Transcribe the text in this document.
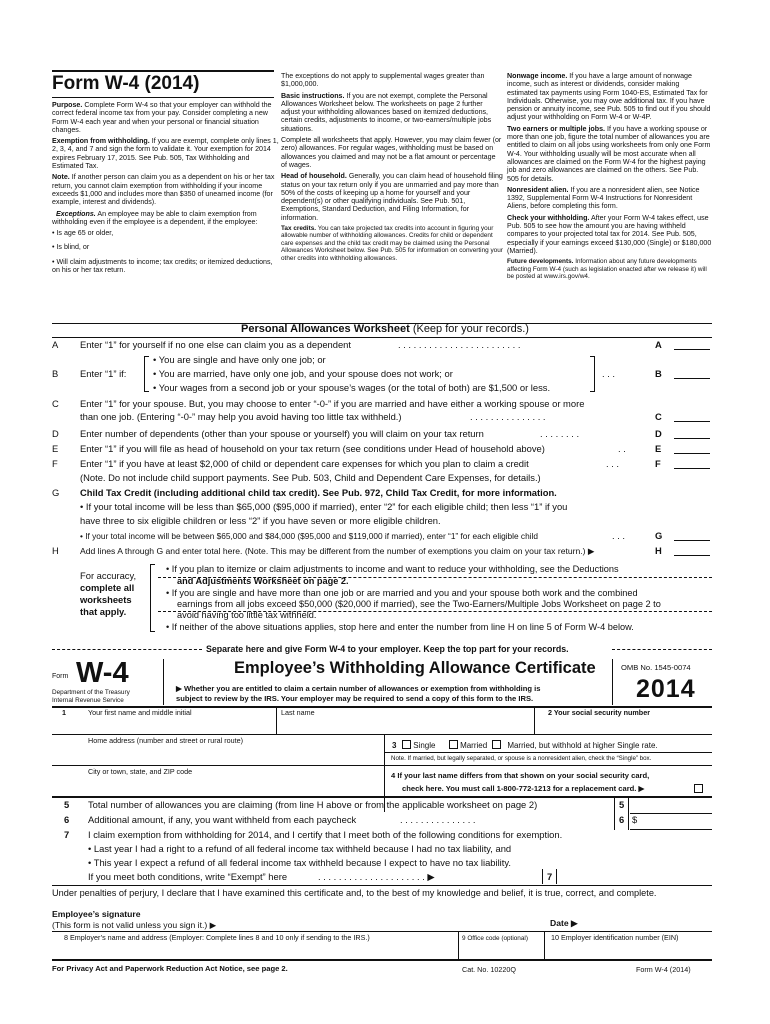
Form W-4 (2014)

Purpose. Complete Form W-4 so that your employer can withhold the correct federal income tax from your pay. Consider completing a new Form W-4 each year and when your personal or financial situation changes.

Exemption from withholding. If you are exempt, complete only lines 1, 2, 3, 4, and 7 and sign the form to validate it. Your exemption for 2014 expires February 17, 2015. See Pub. 505, Tax Withholding and Estimated Tax.

Note. If another person can claim you as a dependent on his or her tax return, you cannot claim exemption from withholding if your income exceeds $1,000 and includes more than $350 of unearned income (for example, interest and dividends).

Exceptions. An employee may be able to claim exemption from withholding even if the employee is a dependent, if the employee:

• Is age 65 or older,

• Is blind, or

• Will claim adjustments to income; tax credits; or itemized deductions, on his or her tax return.

The exceptions do not apply to supplemental wages greater than $1,000,000.

Basic instructions. If you are not exempt, complete the Personal Allowances Worksheet below. The worksheets on page 2 further adjust your withholding allowances based on itemized deductions, certain credits, adjustments to income, or two-earners/multiple jobs situations.

Complete all worksheets that apply. However, you may claim fewer (or zero) allowances. For regular wages, withholding must be based on allowances you claimed and may not be a flat amount or percentage of wages.

Head of household. Generally, you can claim head of household filing status on your tax return only if you are unmarried and pay more than 50% of the costs of keeping up a home for yourself and your dependent(s) or other qualifying individuals. See Pub. 501, Exemptions, Standard Deduction, and Filing Information, for information.

Tax credits. You can take projected tax credits into account in figuring your allowable number of withholding allowances. Credits for child or dependent care expenses and the child tax credit may be claimed using the Personal Allowances Worksheet below. See Pub. 505 for information on converting your other credits into withholding allowances.

Nonwage income. If you have a large amount of nonwage income, such as interest or dividends, consider making estimated tax payments using Form 1040-ES, Estimated Tax for Individuals. Otherwise, you may owe additional tax. If you have pension or annuity income, see Pub. 505 to find out if you should adjust your withholding on Form W-4 or W-4P.

Two earners or multiple jobs. If you have a working spouse or more than one job, figure the total number of allowances you are entitled to claim on all jobs using worksheets from only one Form W-4. Your withholding usually will be most accurate when all allowances are claimed on the Form W-4 for the highest paying job and zero allowances are claimed on the others. See Pub. 505 for details.

Nonresident alien. If you are a nonresident alien, see Notice 1392, Supplemental Form W-4 Instructions for Nonresident Aliens, before completing this form.

Check your withholding. After your Form W-4 takes effect, use Pub. 505 to see how the amount you are having withheld compares to your projected total tax for 2014. See Pub. 505, especially if your earnings exceed $130,000 (Single) or $180,000 (Married).

Future developments. Information about any future developments affecting Form W-4 (such as legislation enacted after we release it) will be posted at www.irs.gov/w4.

Personal Allowances Worksheet (Keep for your records.)
A Enter “1” for yourself if no one else can claim you as a dependent	. . . . . . . . . . . . . . . . . . . . . . . .	A
B Enter “1” if:
• You are single and have only one job; or
• You are married, have only one job, and your spouse does not work; or
• Your wages from a second job or your spouse’s wages (or the total of both) are $1,500 or less.
. . .	B
C Enter “1” for your spouse. But, you may choose to enter “-0-” if you are married and have either a working spouse or more
than one job. (Entering “-0-” may help you avoid having too little tax withheld.)	. . . . . . . . . . . . . . .	C
D Enter number of dependents (other than your spouse or yourself) you will claim on your tax return	. . . . . . . .	D
E Enter “1” if you will file as head of household on your tax return (see conditions under Head of household above)	. .	E
F Enter “1” if you have at least $2,000 of child or dependent care expenses for which you plan to claim a credit	. . .	F
(Note. Do not include child support payments. See Pub. 503, Child and Dependent Care Expenses, for details.)
G Child Tax Credit (including additional child tax credit). See Pub. 972, Child Tax Credit, for more information.
• If your total income will be less than $65,000 ($95,000 if married), enter “2” for each eligible child; then less “1” if you
have three to six eligible children or less “2” if you have seven or more eligible children.
• If your total income will be between $65,000 and $84,000 ($95,000 and $119,000 if married), enter “1” for each eligible child	. . .	G
H Add lines A through G and enter total here. (Note. This may be different from the number of exemptions you claim on your tax return.) ▶	H
For accuracy,
complete all
worksheets
that apply.
• If you plan to itemize or claim adjustments to income and want to reduce your withholding, see the Deductions
and Adjustments Worksheet on page 2.
• If you are single and have more than one job or are married and you and your spouse both work and the combined
earnings from all jobs exceed $50,000 ($20,000 if married), see the Two-Earners/Multiple Jobs Worksheet on page 2 to
avoid having too little tax withheld.
• If neither of the above situations applies, stop here and enter the number from line H on line 5 of Form W-4 below.
Separate here and give Form W-4 to your employer. Keep the top part for your records.
Form W-4
Department of the Treasury
Internal Revenue Service
Employee’s Withholding Allowance Certificate
▶ Whether you are entitled to claim a certain number of allowances or exemption from withholding is
subject to review by the IRS. Your employer may be required to send a copy of this form to the IRS.
OMB No. 1545-0074
2014
1	Your first name and middle initial	Last name	2 Your social security number
Home address (number and street or rural route)
3	Single	Married	Married, but withhold at higher Single rate.
Note. If married, but legally separated, or spouse is a nonresident alien, check the “Single” box.
City or town, state, and ZIP code	4 If your last name differs from that shown on your social security card,
check here. You must call 1-800-772-1213 for a replacement card. ▶
5 Total number of allowances you are claiming (from line H above or from the applicable worksheet on page 2)	5
6 Additional amount, if any, you want withheld from each paycheck	. . . . . . . . . . . . . . .	6 $
7 I claim exemption from withholding for 2014, and I certify that I meet both of the following conditions for exemption.
• Last year I had a right to a refund of all federal income tax withheld because I had no tax liability, and
• This year I expect a refund of all federal income tax withheld because I expect to have no tax liability.
If you meet both conditions, write “Exempt” here	. . . . . . . . . . . . . . . . . . . . . ▶	7
Under penalties of perjury, I declare that I have examined this certificate and, to the best of my knowledge and belief, it is true, correct, and complete.
Employee’s signature
(This form is not valid unless you sign it.) ▶	Date ▶
8 Employer’s name and address (Employer: Complete lines 8 and 10 only if sending to the IRS.)	9 Office code (optional)	10 Employer identification number (EIN)
For Privacy Act and Paperwork Reduction Act Notice, see page 2.	Cat. No. 10220Q	Form W-4 (2014)
